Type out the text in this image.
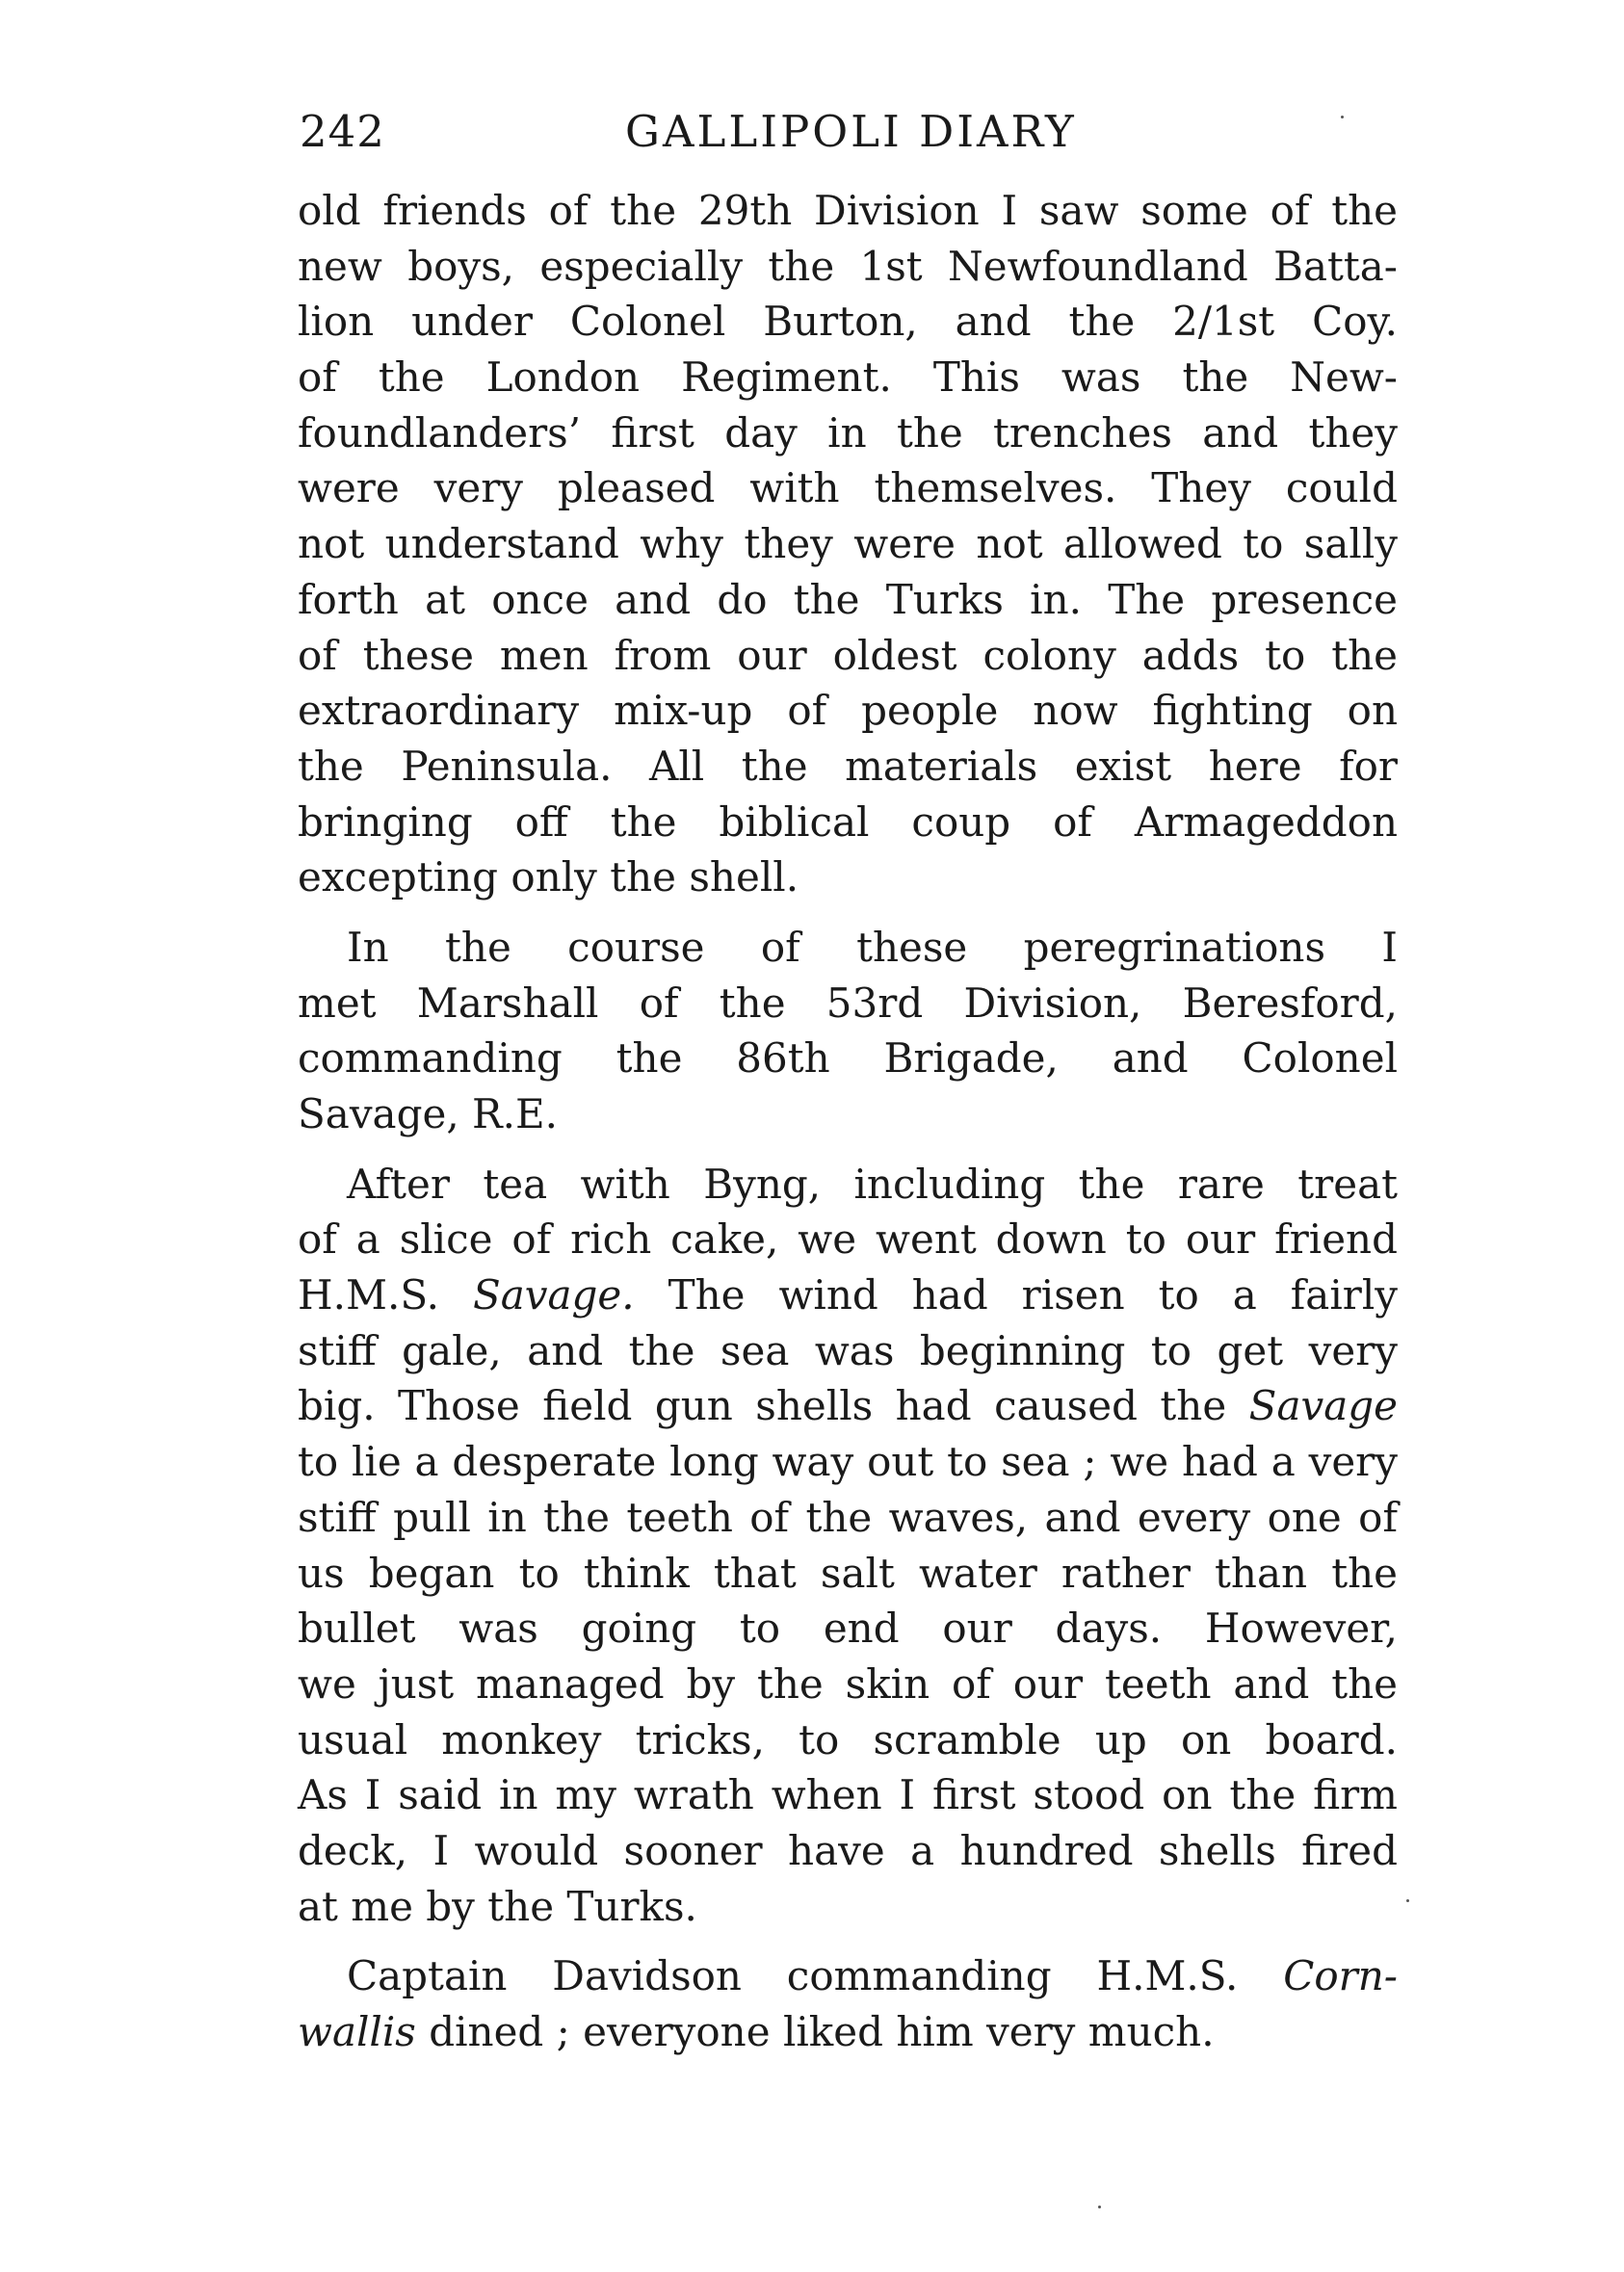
242	GALLIPOLI DIARY
old friends of the 29th Division I saw some of the
new boys, especially the 1st Newfoundland Batta-
lion under Colonel Burton, and the 2/1st Coy.
of the London Regiment. This was the New-
foundlanders’ first day in the trenches and they
were very pleased with themselves. They could
not understand why they were not allowed to sally
forth at once and do the Turks in. The presence
of these men from our oldest colony adds to the
extraordinary mix-up of people now fighting on
the Peninsula. All the materials exist here for
bringing off the biblical coup of Armageddon
excepting only the shell.
In the course of these peregrinations I
met Marshall of the 53rd Division, Beresford,
commanding the 86th Brigade, and Colonel
Savage, R.E.
After tea with Byng, including the rare treat
of a slice of rich cake, we went down to our friend
H.M.S. Savage. The wind had risen to a fairly
stiff gale, and the sea was beginning to get very
big. Those field gun shells had caused the Savage
to lie a desperate long way out to sea ; we had a very
stiff pull in the teeth of the waves, and every one of
us began to think that salt water rather than the
bullet was going to end our days. However,
we just managed by the skin of our teeth and the
usual monkey tricks, to scramble up on board.
As I said in my wrath when I first stood on the firm
deck, I would sooner have a hundred shells fired
at me by the Turks.
Captain Davidson commanding H.M.S. Corn-
wallis dined ; everyone liked him very much.
